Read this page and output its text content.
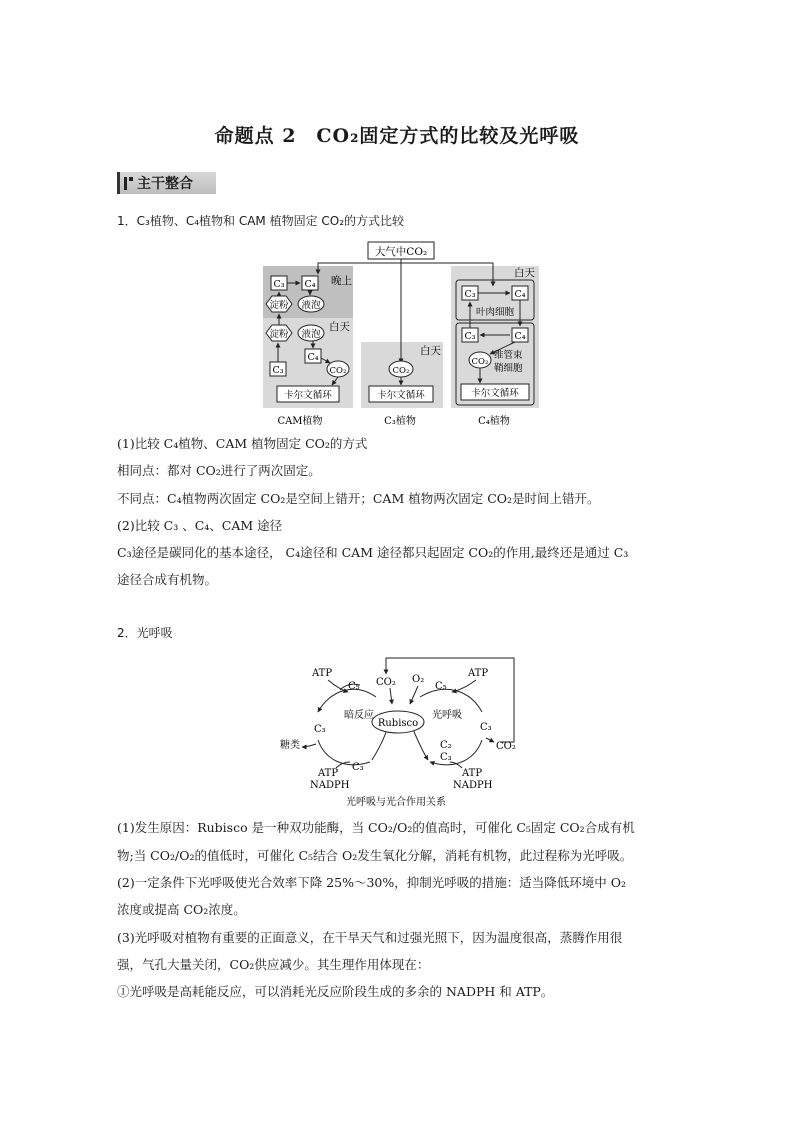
命题点 2　CO₂固定方式的比较及光呼吸
主干整合
1．C₃植物、C₄植物和 CAM 植物固定 CO₂的方式比较
大气中CO₂
晚上
白天
C₃ C₄
淀粉 液泡
淀粉 液泡
C₄
C₃	CO₂
卡尔文循环
白天
CO₂
卡尔文循环
白天
C₃	C₄
叶肉细胞
C₃	C₄
CO₂
维管束
鞘细胞
卡尔文循环
CAM植物	C₃植物	C₄植物
(1)比较 C₄植物、CAM 植物固定 CO₂的方式
相同点：都对 CO₂进行了两次固定。
不同点：C₄植物两次固定 CO₂是空间上错开；CAM 植物两次固定 CO₂是时间上错开。
(2)比较 C₃ 、C₄、CAM 途径
C₃途径是碳同化的基本途径， C₄途径和 CAM 途径都只起固定 CO₂的作用,最终还是通过 C₃
途径合成有机物。
2．光呼吸
ATP
C₅ CO₂ O₂
C₅
ATP
暗反应
Rubisco
光呼吸
C₃	C₃
糖类	CO₂
C₂
C₃
C₃
ATP
NADPH
ATP
NADPH
光呼吸与光合作用关系
(1)发生原因：Rubisco 是一种双功能酶，当 CO₂/O₂的值高时，可催化 C₅固定 CO₂合成有机
物;当 CO₂/O₂的值低时，可催化 C₅结合 O₂发生氧化分解，消耗有机物，此过程称为光呼吸。
(2)一定条件下光呼吸使光合效率下降 25%～30%，抑制光呼吸的措施：适当降低环境中 O₂
浓度或提高 CO₂浓度。
(3)光呼吸对植物有重要的正面意义，在干旱天气和过强光照下，因为温度很高，蒸腾作用很
强，气孔大量关闭，CO₂供应减少。其生理作用体现在：
①光呼吸是高耗能反应，可以消耗光反应阶段生成的多余的 NADPH 和 ATP。
